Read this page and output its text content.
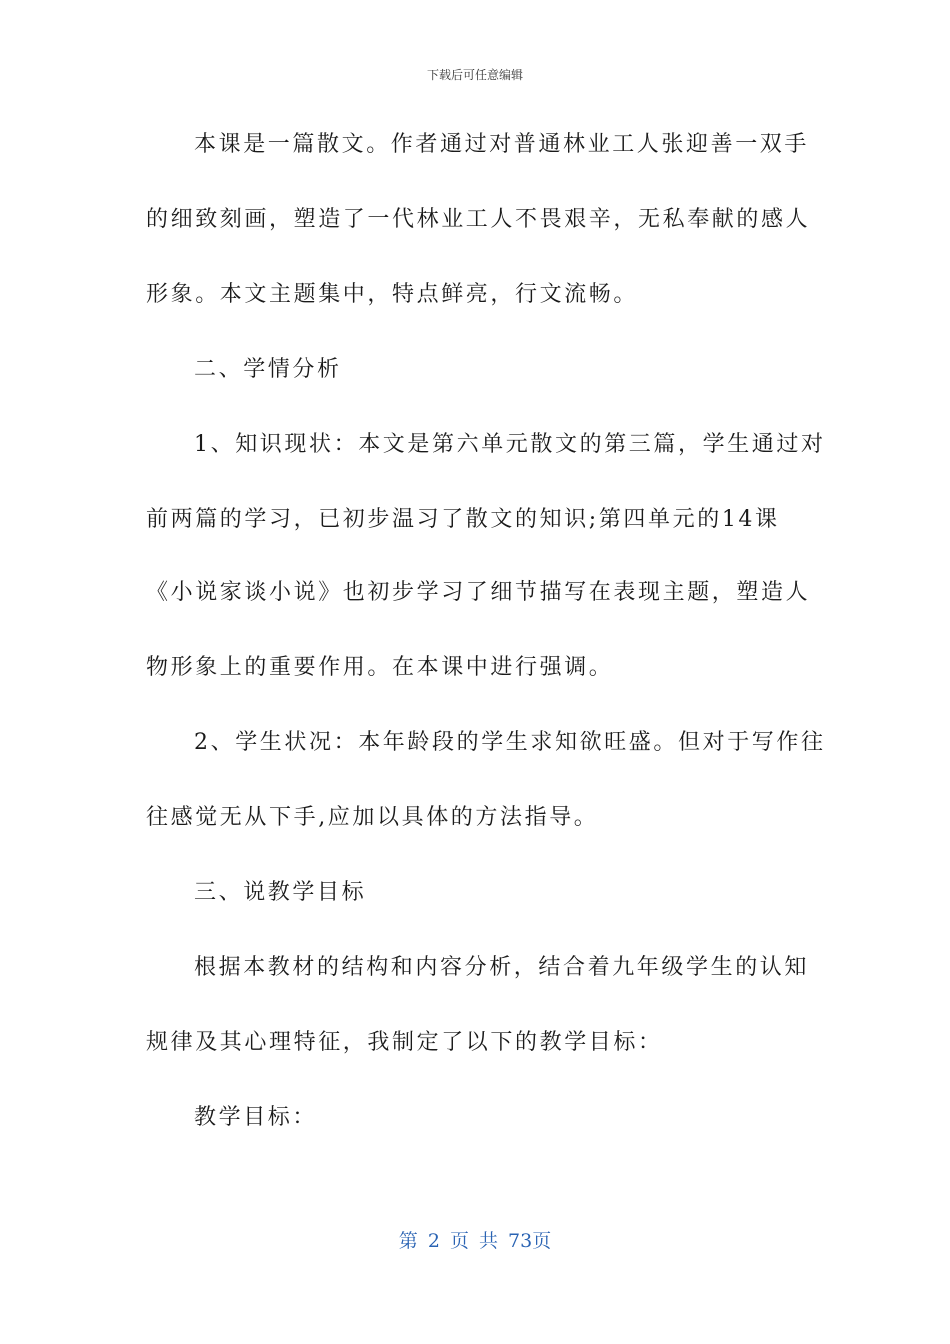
下载后可任意编辑
本课是一篇散文。作者通过对普通林业工人张迎善一双手
的细致刻画，塑造了一代林业工人不畏艰辛，无私奉献的感人
形象。本文主题集中，特点鲜亮，行文流畅。
二、学情分析
1、知识现状：本文是第六单元散文的第三篇，学生通过对
前两篇的学习，已初步温习了散文的知识;第四单元的14课
《小说家谈小说》也初步学习了细节描写在表现主题，塑造人
物形象上的重要作用。在本课中进行强调。
2、学生状况：本年龄段的学生求知欲旺盛。但对于写作往
往感觉无从下手,应加以具体的方法指导。
三、说教学目标
根据本教材的结构和内容分析，结合着九年级学生的认知
规律及其心理特征，我制定了以下的教学目标：
教学目标：
第 2 页 共 73页
